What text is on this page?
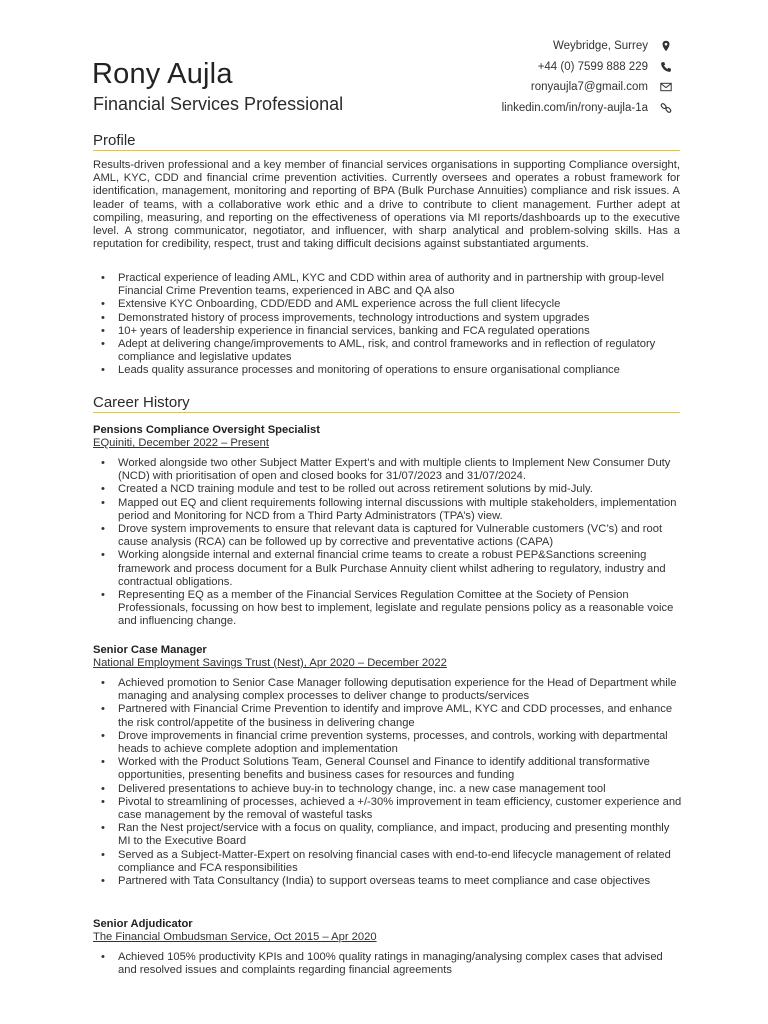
Rony Aujla
Financial Services Professional
Weybridge, Surrey
+44 (0) 7599 888 229
ronyaujla7@gmail.com
linkedin.com/in/rony-aujla-1a
Profile

Results-driven professional and a key member of financial services organisations in supporting Compliance oversight, AML, KYC, CDD and financial crime prevention activities. Currently oversees and operates a robust framework for identification, management, monitoring and reporting of BPA (Bulk Purchase Annuities) compliance and risk issues. A leader of teams, with a collaborative work ethic and a drive to contribute to client management. Further adept at compiling, measuring, and reporting on the effectiveness of operations via MI reports/dashboards up to the executive level. A strong communicator, negotiator, and influencer, with sharp analytical and problem-solving skills. Has a reputation for credibility, respect, trust and taking difficult decisions against substantiated arguments.

• Practical experience of leading AML, KYC and CDD within area of authority and in partnership with group-level Financial Crime Prevention teams, experienced in ABC and QA also
• Extensive KYC Onboarding, CDD/EDD and AML experience across the full client lifecycle
• Demonstrated history of process improvements, technology introductions and system upgrades
• 10+ years of leadership experience in financial services, banking and FCA regulated operations
• Adept at delivering change/improvements to AML, risk, and control frameworks and in reflection of regulatory compliance and legislative updates
• Leads quality assurance processes and monitoring of operations to ensure organisational compliance
Career History
Pensions Compliance Oversight Specialist
EQuiniti, December 2022 – Present
• Worked alongside two other Subject Matter Expert’s and with multiple clients to Implement New Consumer Duty (NCD) with prioritisation of open and closed books for 31/07/2023 and 31/07/2024.
• Created a NCD training module and test to be rolled out across retirement solutions by mid-July.
• Mapped out EQ and client requirements following internal discussions with multiple stakeholders, implementation period and Monitoring for NCD from a Third Party Administrators (TPA’s) view.
• Drove system improvements to ensure that relevant data is captured for Vulnerable customers (VC’s) and root cause analysis (RCA) can be followed up by corrective and preventative actions (CAPA)
• Working alongside internal and external financial crime teams to create a robust PEP&Sanctions screening framework and process document for a Bulk Purchase Annuity client whilst adhering to regulatory, industry and contractual obligations.
• Representing EQ as a member of the Financial Services Regulation Comittee at the Society of Pension Professionals, focussing on how best to implement, legislate and regulate pensions policy as a reasonable voice and influencing change.
Senior Case Manager
National Employment Savings Trust (Nest), Apr 2020 – December 2022
• Achieved promotion to Senior Case Manager following deputisation experience for the Head of Department while managing and analysing complex processes to deliver change to products/services
• Partnered with Financial Crime Prevention to identify and improve AML, KYC and CDD processes, and enhance the risk control/appetite of the business in delivering change
• Drove improvements in financial crime prevention systems, processes, and controls, working with departmental heads to achieve complete adoption and implementation
• Worked with the Product Solutions Team, General Counsel and Finance to identify additional transformative opportunities, presenting benefits and business cases for resources and funding
• Delivered presentations to achieve buy-in to technology change, inc. a new case management tool
• Pivotal to streamlining of processes, achieved a +/-30% improvement in team efficiency, customer experience and case management by the removal of wasteful tasks
• Ran the Nest project/service with a focus on quality, compliance, and impact, producing and presenting monthly MI to the Executive Board
• Served as a Subject-Matter-Expert on resolving financial cases with end-to-end lifecycle management of related compliance and FCA responsibilities
• Partnered with Tata Consultancy (India) to support overseas teams to meet compliance and case objectives
Senior Adjudicator
The Financial Ombudsman Service, Oct 2015 – Apr 2020
• Achieved 105% productivity KPIs and 100% quality ratings in managing/analysing complex cases that advised and resolved issues and complaints regarding financial agreements
